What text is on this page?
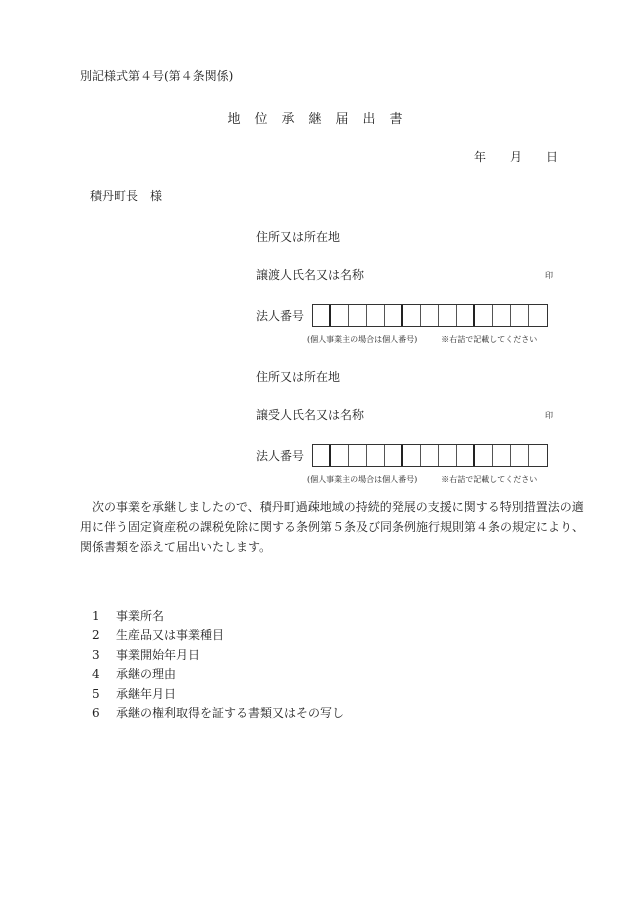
別記様式第４号(第４条関係)
地位承継届出書
年 月 日
積丹町長　様
住所又は所在地
譲渡人氏名又は名称	印
法人番号
(個人事業主の場合は個人番号)	※右詰で記載してください
住所又は所在地
譲受人氏名又は名称	印
法人番号
(個人事業主の場合は個人番号)	※右詰で記載してください
次の事業を承継しましたので、積丹町過疎地域の持続的発展の支援に関する特別措置法の適用に伴う固定資産税の課税免除に関する条例第５条及び同条例施行規則第４条の規定により、関係書類を添えて届出いたします。
1 事業所名
2 生産品又は事業種目
3 事業開始年月日
4 承継の理由
5 承継年月日
6 承継の権利取得を証する書類又はその写し
